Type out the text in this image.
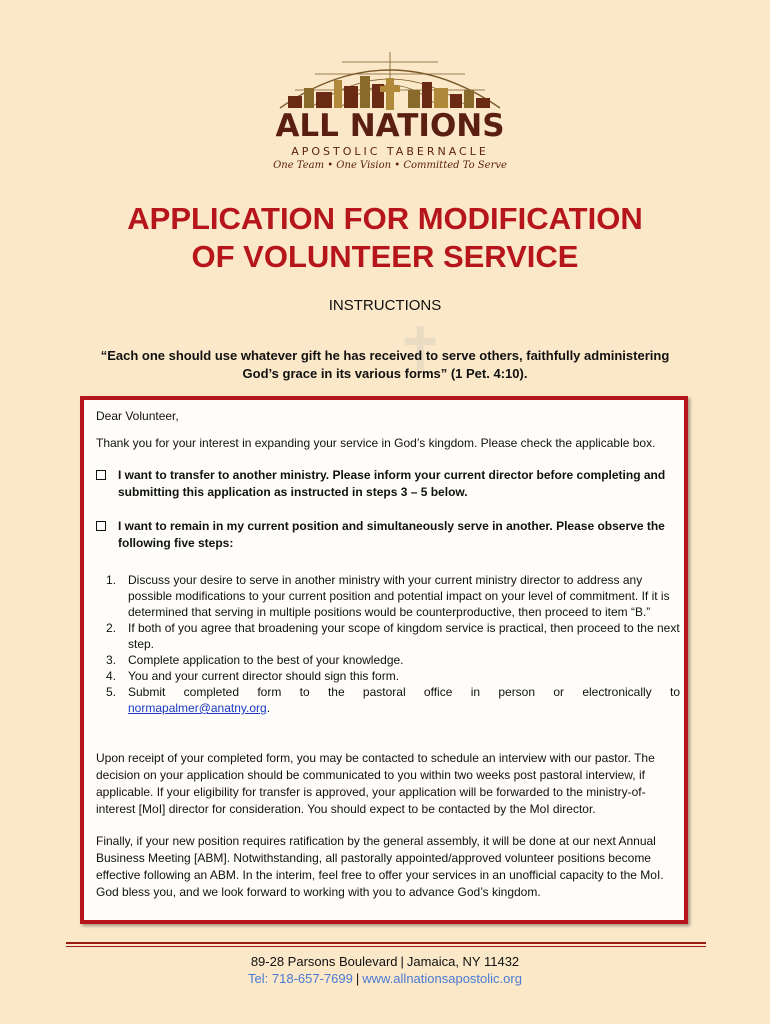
✝
ALL NATIONS
APOSTOLIC TABERNACLE
One Team • One Vision • Committed To Serve
APPLICATION FOR MODIFICATION
OF VOLUNTEER SERVICE
INSTRUCTIONS
“Each one should use whatever gift he has received to serve others, faithfully administering
God’s grace in its various forms” (1 Pet. 4:10).

Dear Volunteer,

Thank you for your interest in expanding your service in God’s kingdom. Please check the applicable box.

I want to transfer to another ministry. Please inform your current director before completing and submitting this application as instructed in steps 3 – 5 below.
I want to remain in my current position and simultaneously serve in another. Please observe the following five steps:
1. Discuss your desire to serve in another ministry with your current ministry director to address any possible modifications to your current position and potential impact on your level of commitment. If it is determined that serving in multiple positions would be counterproductive, then proceed to item “B.”
2. If both of you agree that broadening your scope of kingdom service is practical, then proceed to the next step.
3. Complete application to the best of your knowledge.
4. You and your current director should sign this form.
5. Submit completed form to the pastoral office in person or electronically to
normapalmer@anatny.org.

Upon receipt of your completed form, you may be contacted to schedule an interview with our pastor. The decision on your application should be communicated to you within two weeks post pastoral interview, if applicable. If your eligibility for transfer is approved, your application will be forwarded to the ministry-of-interest [MoI] director for consideration. You should expect to be contacted by the MoI director.

Finally, if your new position requires ratification by the general assembly, it will be done at our next Annual Business Meeting [ABM]. Notwithstanding, all pastorally appointed/approved volunteer positions become effective following an ABM. In the interim, feel free to offer your services in an unofficial capacity to the MoI. God bless you, and we look forward to working with you to advance God’s kingdom.

89-28 Parsons Boulevard | Jamaica, NY 11432
Tel: 718-657-7699 | www.allnationsapostolic.org
